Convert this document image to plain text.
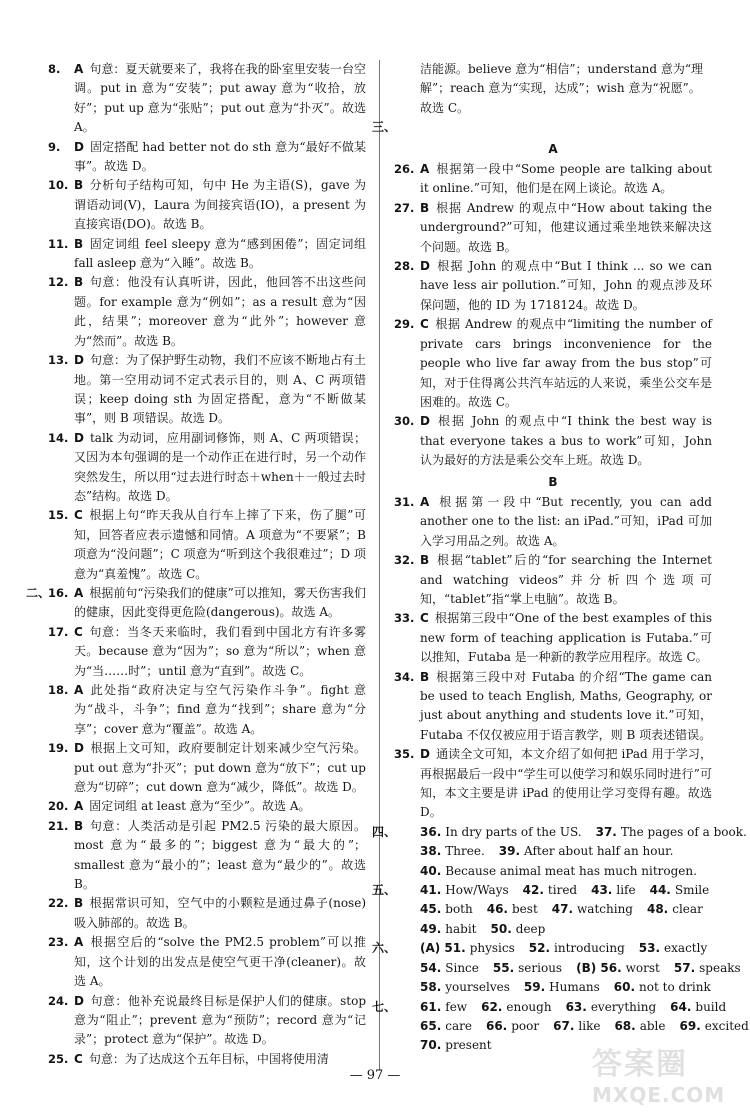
8. A 句意：夏天就要来了，我将在我的卧室里安装一台空调。put in 意为“安装”；put away 意为“收拾，放好”；put up 意为“张贴”；put out 意为“扑灭”。故选 A。
9. D 固定搭配 had better not do sth 意为“最好不做某事”。故选 D。
10. B 分析句子结构可知，句中 He 为主语(S)，gave 为谓语动词(V)，Laura 为间接宾语(IO)，a present 为直接宾语(DO)。故选 B。
11. B 固定词组 feel sleepy 意为“感到困倦”；固定词组 fall asleep 意为“入睡”。故选 B。
12. B 句意：他没有认真听讲，因此，他回答不出这些问题。for example 意为“例如”；as a result 意为“因此，结果”；moreover 意为“此外”；however 意为“然而”。故选 B。
13. D 句意：为了保护野生动物，我们不应该不断地占有土地。第一空用动词不定式表示目的，则 A、C 两项错误；keep doing sth 为固定搭配，意为“不断做某事”，则 B 项错误。故选 D。
14. D talk 为动词，应用副词修饰，则 A、C 两项错误；又因为本句强调的是一个动作正在进行时，另一个动作突然发生，所以用“过去进行时态＋when＋一般过去时态”结构。故选 D。
15. C 根据上句“昨天我从自行车上摔了下来，伤了腿”可知，回答者应表示遗憾和同情。A 项意为“不要紧”；B 项意为“没问题”；C 项意为“听到这个我很难过”；D 项意为“真羞愧”。故选 C。
二、
16. A 根据前句“污染我们的健康”可以推知，雾天伤害我们的健康，因此变得更危险(dangerous)。故选 A。
17. C 句意：当冬天来临时，我们看到中国北方有许多雾天。because 意为“因为”；so 意为“所以”；when 意为“当……时”；until 意为“直到”。故选 C。
18. A 此处指“政府决定与空气污染作斗争”。fight 意为“战斗，斗争”；find 意为“找到”；share 意为“分享”；cover 意为“覆盖”。故选 A。
19. D 根据上文可知，政府要制定计划来减少空气污染。put out 意为“扑灭”；put down 意为“放下”；cut up 意为“切碎”；cut down 意为“减少，降低”。故选 D。
20. A 固定词组 at least 意为“至少”。故选 A。
21. B 句意：人类活动是引起 PM2.5 污染的最大原因。most 意为“最多的”；biggest 意为“最大的”；smallest 意为“最小的”；least 意为“最少的”。故选 B。
22. B 根据常识可知，空气中的小颗粒是通过鼻子(nose)吸入肺部的。故选 B。
23. A 根据空后的“solve the PM2.5 problem”可以推知，这个计划的出发点是使空气更干净(cleaner)。故选 A。
24. D 句意：他补充说最终目标是保护人们的健康。stop 意为“阻止”；prevent 意为“预防”；record 意为“记录”；protect 意为“保护”。故选 D。
25. C 句意：为了达成这个五年目标，中国将使用清
洁能源。believe 意为“相信”；understand 意为“理解”；reach 意为“实现，达成”；wish 意为“祝愿”。故选 C。
三、
A
26. A 根据第一段中“Some people are talking about it online.”可知，他们是在网上谈论。故选 A。
27. B 根据 Andrew 的观点中“How about taking the underground?”可知，他建议通过乘坐地铁来解决这个问题。故选 B。
28. D 根据 John 的观点中“But I think ... so we can have less air pollution.”可知，John 的观点涉及环保问题，他的 ID 为 1718124。故选 D。
29. C 根据 Andrew 的观点中“limiting the number of private cars brings inconvenience for the people who live far away from the bus stop”可知，对于住得离公共汽车站远的人来说，乘坐公交车是困难的。故选 C。
30. D 根据 John 的观点中“I think the best way is that everyone takes a bus to work”可知，John 认为最好的方法是乘公交车上班。故选 D。
B
31. A 根据第一段中“But recently, you can add another one to the list: an iPad.”可知，iPad 可加入学习用品之列。故选 A。
32. B 根据“tablet”后的“for searching the Internet and watching videos”并分析四个选项可知，“tablet”指“掌上电脑”。故选 B。
33. C 根据第三段中“One of the best examples of this new form of teaching application is Futaba.”可以推知，Futaba 是一种新的教学应用程序。故选 C。
34. B 根据第三段中对 Futaba 的介绍“The game can be used to teach English, Maths, Geography, or just about anything and students love it.”可知，Futaba 不仅仅被应用于语言教学，则 B 项表述错误。
35. D 通读全文可知，本文介绍了如何把 iPad 用于学习，再根据最后一段中“学生可以使学习和娱乐同时进行”可知，本文主要是讲 iPad 的使用让学习变得有趣。故选 D。
四、 36. In dry parts of the US. 37. The pages of a book.
38. Three. 39. After about half an hour.
40. Because animal meat has much nitrogen.
五、 41. How/Ways 42. tired 43. life 44. Smile
45. both 46. best 47. watching 48. clear
49. habit 50. deep
六、 (A) 51. physics 52. introducing 53. exactly
54. Since 55. serious (B) 56. worst 57. speaks
58. yourselves 59. Humans 60. not to drink
七、 61. few 62. enough 63. everything 64. build
65. care 66. poor 67. like 68. able 69. excited
70. present
— 97 —	答案圈
MXQE.COM
